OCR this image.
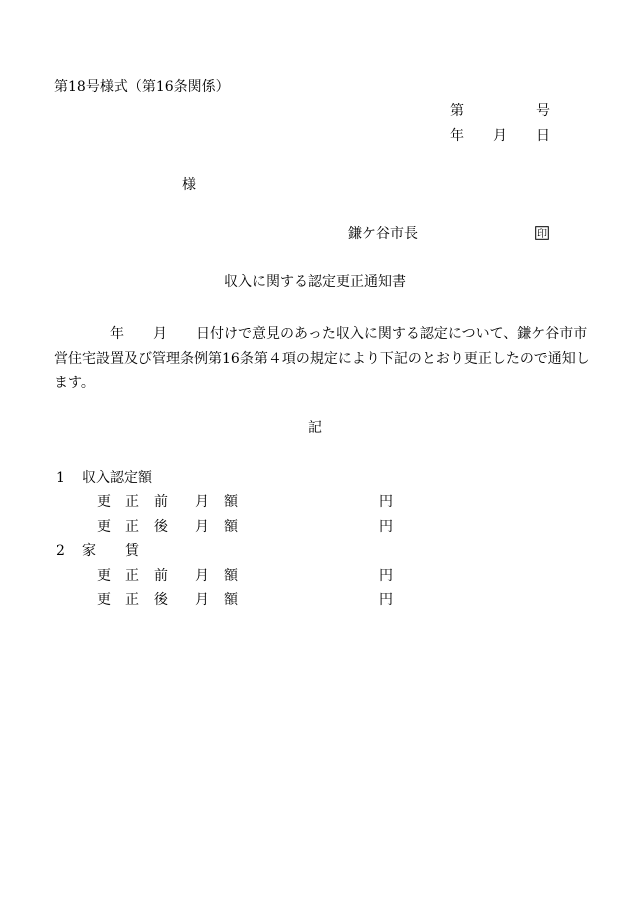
第18号様式（第16条関係）
第	号
年 月 日
様
鎌ケ谷市長	印
収入に関する認定更正通知書
年 月 日付けで意見のあった収入に関する認定について、鎌ケ谷市市営住宅設置及び管理条例第16条第４項の規定により下記のとおり更正したので通知します。
記
1 収入認定額
更 正 前 月 額	円
更 正 後 月 額	円
2 家 賃
更 正 前 月 額	円
更 正 後 月 額	円
